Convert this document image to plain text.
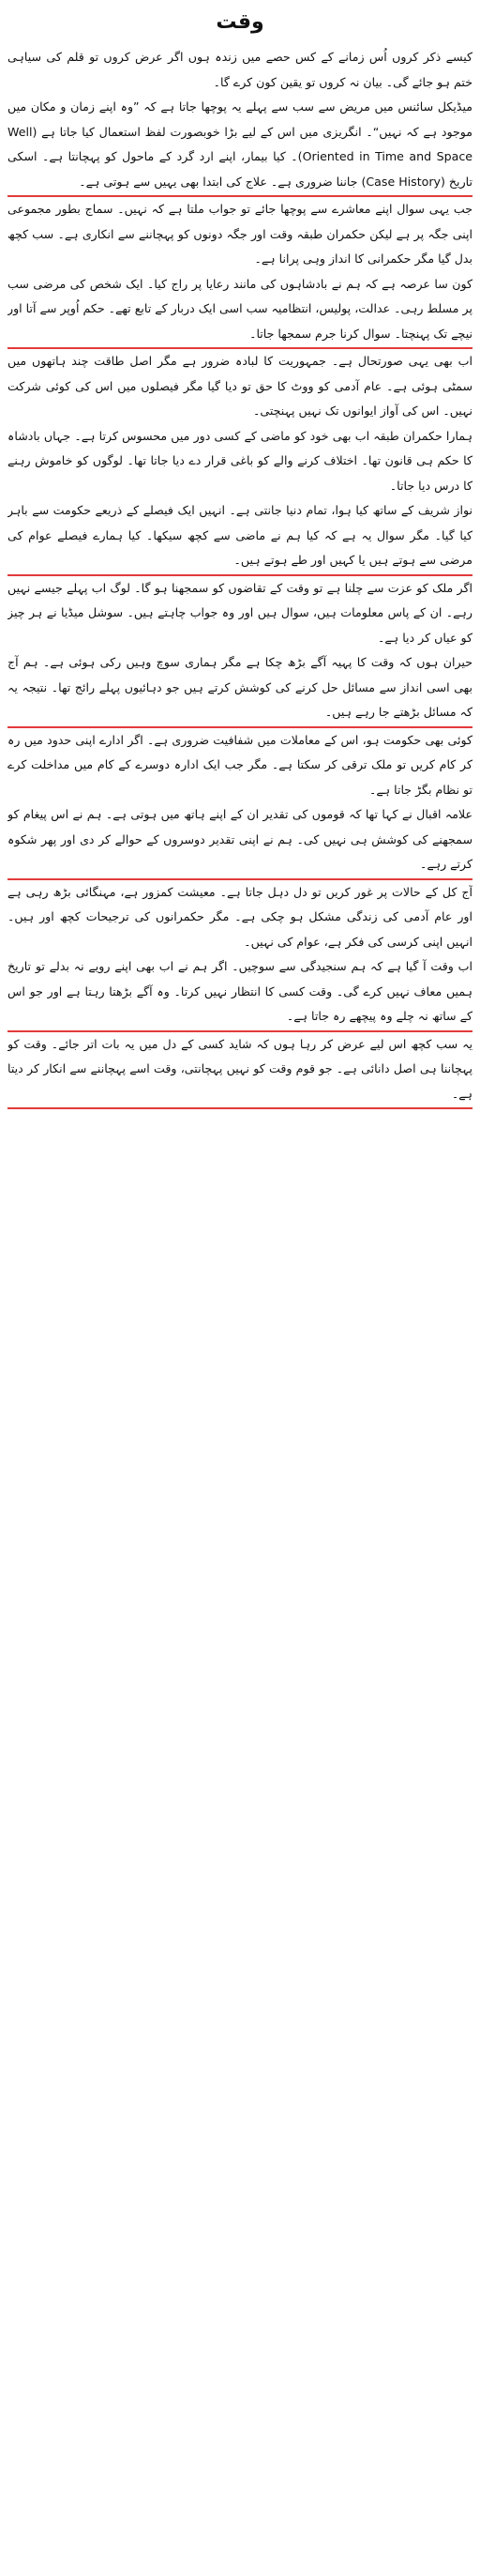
وقت

کیسے ذکر کروں اُس زمانے کے کس حصے میں زندہ ہوں اگر عرض کروں تو قلم کی سیاہی ختم ہو جائے گی۔ بیان نہ کروں تو یقین کون کرے گا۔

میڈیکل سائنس میں مریض سے سب سے پہلے یہ پوچھا جاتا ہے کہ ”وہ اپنے زمان و مکان میں موجود ہے کہ نہیں“۔ انگریزی میں اس کے لیے بڑا خوبصورت لفظ استعمال کیا جاتا ہے (Well Oriented in Time and Space)۔ کیا بیمار، اپنے ارد گرد کے ماحول کو پہچانتا ہے۔ اسکی تاریخ (Case History) جاننا ضروری ہے۔ علاج کی ابتدا بھی یہیں سے ہوتی ہے۔

جب یہی سوال اپنے معاشرے سے پوچھا جائے تو جواب ملتا ہے کہ نہیں۔ سماج بطور مجموعی اپنی جگہ پر ہے لیکن حکمران طبقہ وقت اور جگہ دونوں کو پہچاننے سے انکاری ہے۔ سب کچھ بدل گیا مگر حکمرانی کا انداز وہی پرانا ہے۔

کون سا عرصہ ہے کہ ہم نے بادشاہوں کی مانند رعایا پر راج کیا۔ ایک شخص کی مرضی سب پر مسلط رہی۔ عدالت، پولیس، انتظامیہ سب اسی ایک دربار کے تابع تھے۔ حکم اُوپر سے آتا اور نیچے تک پہنچتا۔ سوال کرنا جرم سمجھا جاتا۔

اب بھی یہی صورتحال ہے۔ جمہوریت کا لبادہ ضرور ہے مگر اصل طاقت چند ہاتھوں میں سمٹی ہوئی ہے۔ عام آدمی کو ووٹ کا حق تو دیا گیا مگر فیصلوں میں اس کی کوئی شرکت نہیں۔ اس کی آواز ایوانوں تک نہیں پہنچتی۔

ہمارا حکمران طبقہ اب بھی خود کو ماضی کے کسی دور میں محسوس کرتا ہے۔ جہاں بادشاہ کا حکم ہی قانون تھا۔ اختلاف کرنے والے کو باغی قرار دے دیا جاتا تھا۔ لوگوں کو خاموش رہنے کا درس دیا جاتا۔

نواز شریف کے ساتھ کیا ہوا، تمام دنیا جانتی ہے۔ انہیں ایک فیصلے کے ذریعے حکومت سے باہر کیا گیا۔ مگر سوال یہ ہے کہ کیا ہم نے ماضی سے کچھ سیکھا۔ کیا ہمارے فیصلے عوام کی مرضی سے ہوتے ہیں یا کہیں اور طے ہوتے ہیں۔

اگر ملک کو عزت سے چلنا ہے تو وقت کے تقاضوں کو سمجھنا ہو گا۔ لوگ اب پہلے جیسے نہیں رہے۔ ان کے پاس معلومات ہیں، سوال ہیں اور وہ جواب چاہتے ہیں۔ سوشل میڈیا نے ہر چیز کو عیاں کر دیا ہے۔

حیران ہوں کہ وقت کا پہیہ آگے بڑھ چکا ہے مگر ہماری سوچ وہیں رکی ہوئی ہے۔ ہم آج بھی اسی انداز سے مسائل حل کرنے کی کوشش کرتے ہیں جو دہائیوں پہلے رائج تھا۔ نتیجہ یہ کہ مسائل بڑھتے جا رہے ہیں۔

کوئی بھی حکومت ہو، اس کے معاملات میں شفافیت ضروری ہے۔ اگر ادارے اپنی حدود میں رہ کر کام کریں تو ملک ترقی کر سکتا ہے۔ مگر جب ایک ادارہ دوسرے کے کام میں مداخلت کرے تو نظام بگڑ جاتا ہے۔

علامہ اقبال نے کہا تھا کہ قوموں کی تقدیر ان کے اپنے ہاتھ میں ہوتی ہے۔ ہم نے اس پیغام کو سمجھنے کی کوشش ہی نہیں کی۔ ہم نے اپنی تقدیر دوسروں کے حوالے کر دی اور پھر شکوہ کرتے رہے۔

آج کل کے حالات پر غور کریں تو دل دہل جاتا ہے۔ معیشت کمزور ہے، مہنگائی بڑھ رہی ہے اور عام آدمی کی زندگی مشکل ہو چکی ہے۔ مگر حکمرانوں کی ترجیحات کچھ اور ہیں۔ انہیں اپنی کرسی کی فکر ہے، عوام کی نہیں۔

اب وقت آ گیا ہے کہ ہم سنجیدگی سے سوچیں۔ اگر ہم نے اب بھی اپنے رویے نہ بدلے تو تاریخ ہمیں معاف نہیں کرے گی۔ وقت کسی کا انتظار نہیں کرتا۔ وہ آگے بڑھتا رہتا ہے اور جو اس کے ساتھ نہ چلے وہ پیچھے رہ جاتا ہے۔

یہ سب کچھ اس لیے عرض کر رہا ہوں کہ شاید کسی کے دل میں یہ بات اتر جائے۔ وقت کو پہچاننا ہی اصل دانائی ہے۔ جو قوم وقت کو نہیں پہچانتی، وقت اسے پہچاننے سے انکار کر دیتا ہے۔
